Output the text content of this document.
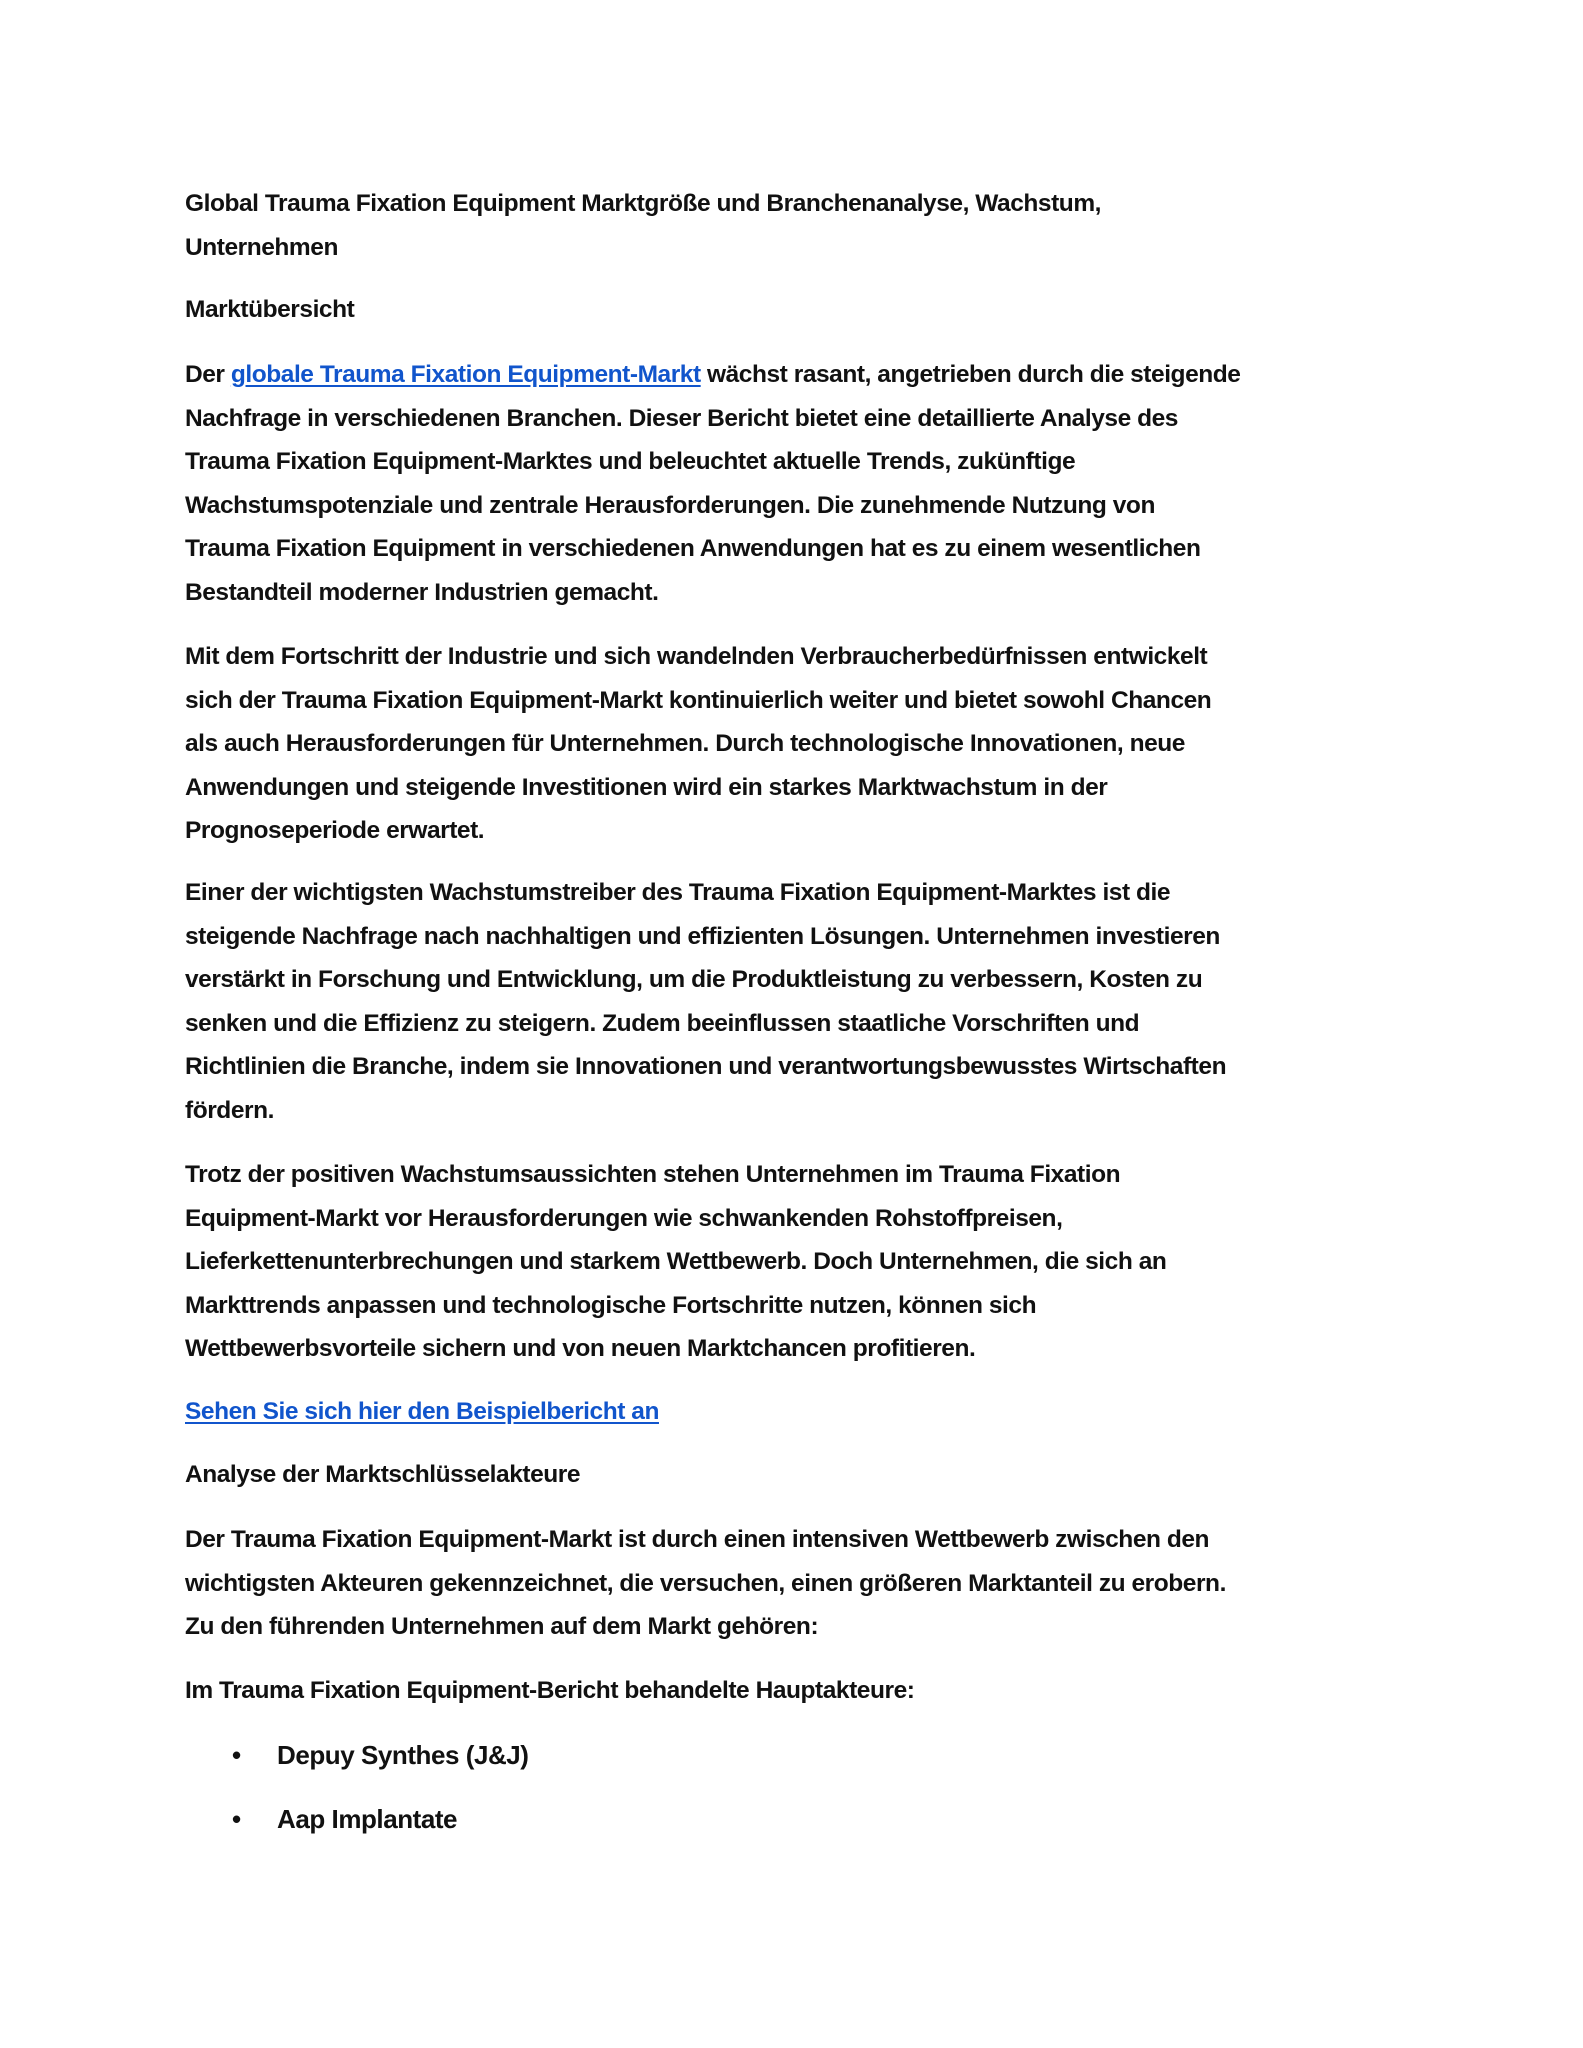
Global Trauma Fixation Equipment Marktgröße und Branchenanalyse, Wachstum,
Unternehmen
Marktübersicht
Der globale Trauma Fixation Equipment-Markt wächst rasant, angetrieben durch die steigende
Nachfrage in verschiedenen Branchen. Dieser Bericht bietet eine detaillierte Analyse des
Trauma Fixation Equipment-Marktes und beleuchtet aktuelle Trends, zukünftige
Wachstumspotenziale und zentrale Herausforderungen. Die zunehmende Nutzung von
Trauma Fixation Equipment in verschiedenen Anwendungen hat es zu einem wesentlichen
Bestandteil moderner Industrien gemacht.
Mit dem Fortschritt der Industrie und sich wandelnden Verbraucherbedürfnissen entwickelt
sich der Trauma Fixation Equipment-Markt kontinuierlich weiter und bietet sowohl Chancen
als auch Herausforderungen für Unternehmen. Durch technologische Innovationen, neue
Anwendungen und steigende Investitionen wird ein starkes Marktwachstum in der
Prognoseperiode erwartet.
Einer der wichtigsten Wachstumstreiber des Trauma Fixation Equipment-Marktes ist die
steigende Nachfrage nach nachhaltigen und effizienten Lösungen. Unternehmen investieren
verstärkt in Forschung und Entwicklung, um die Produktleistung zu verbessern, Kosten zu
senken und die Effizienz zu steigern. Zudem beeinflussen staatliche Vorschriften und
Richtlinien die Branche, indem sie Innovationen und verantwortungsbewusstes Wirtschaften
fördern.
Trotz der positiven Wachstumsaussichten stehen Unternehmen im Trauma Fixation
Equipment-Markt vor Herausforderungen wie schwankenden Rohstoffpreisen,
Lieferkettenunterbrechungen und starkem Wettbewerb. Doch Unternehmen, die sich an
Markttrends anpassen und technologische Fortschritte nutzen, können sich
Wettbewerbsvorteile sichern und von neuen Marktchancen profitieren.
Sehen Sie sich hier den Beispielbericht an
Analyse der Marktschlüsselakteure
Der Trauma Fixation Equipment-Markt ist durch einen intensiven Wettbewerb zwischen den
wichtigsten Akteuren gekennzeichnet, die versuchen, einen größeren Marktanteil zu erobern.
Zu den führenden Unternehmen auf dem Markt gehören:
Im Trauma Fixation Equipment-Bericht behandelte Hauptakteure:
• Depuy Synthes (J&J)
• Aap Implantate
